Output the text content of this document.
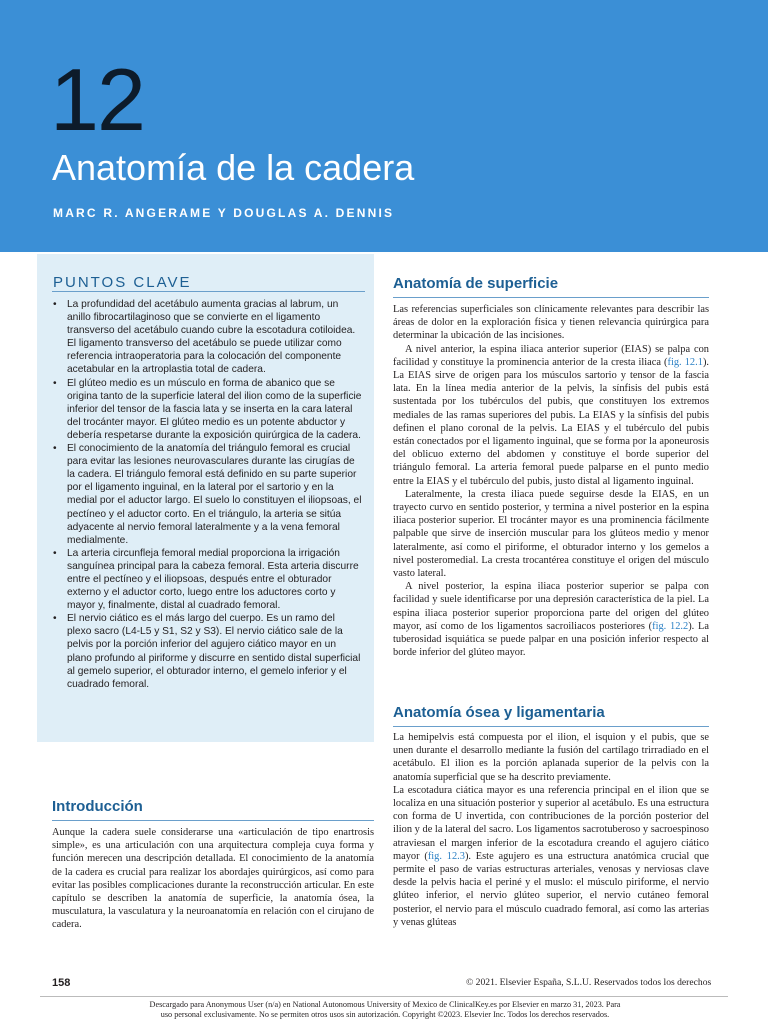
12
Anatomía de la cadera
MARC R. ANGERAME Y DOUGLAS A. DENNIS
PUNTOS CLAVE
• La profundidad del acetábulo aumenta gracias al labrum, un anillo fibrocartilaginoso que se convierte en el ligamento transverso del acetábulo cuando cubre la escotadura cotiloidea. El ligamento transverso del acetábulo se puede utilizar como referencia intraoperatoria para la colocación del componente acetabular en la artroplastia total de cadera.
• El glúteo medio es un músculo en forma de abanico que se origina tanto de la superficie lateral del ilion como de la superficie inferior del tensor de la fascia lata y se inserta en la cara lateral del trocánter mayor. El glúteo medio es un potente abductor y debería respetarse durante la exposición quirúrgica de la cadera.
• El conocimiento de la anatomía del triángulo femoral es crucial para evitar las lesiones neurovasculares durante las cirugías de la cadera. El triángulo femoral está definido en su parte superior por el ligamento inguinal, en la lateral por el sartorio y en la medial por el aductor largo. El suelo lo constituyen el iliopsoas, el pectíneo y el aductor corto. En el triángulo, la arteria se sitúa adyacente al nervio femoral lateralmente y a la vena femoral medialmente.
• La arteria circunfleja femoral medial proporciona la irrigación sanguínea principal para la cabeza femoral. Esta arteria discurre entre el pectíneo y el iliopsoas, después entre el obturador externo y el aductor corto, luego entre los aductores corto y mayor y, finalmente, distal al cuadrado femoral.
• El nervio ciático es el más largo del cuerpo. Es un ramo del plexo sacro (L4-L5 y S1, S2 y S3). El nervio ciático sale de la pelvis por la porción inferior del agujero ciático mayor en un plano profundo al piriforme y discurre en sentido distal superficial al gemelo superior, el obturador interno, el gemelo inferior y el cuadrado femoral.
Introducción

Aunque la cadera suele considerarse una «articulación de tipo enartrosis simple», es una articulación con una arquitectura compleja cuya forma y función merecen una descripción detallada. El conocimiento de la anatomía de la cadera es crucial para realizar los abordajes quirúrgicos, así como para evitar las posibles complicaciones durante la reconstrucción articular. En este capítulo se describen la anatomía de superficie, la anatomía ósea, la musculatura, la vasculatura y la neuroanatomía en relación con el cirujano de cadera.

Anatomía de superficie

Las referencias superficiales son clínicamente relevantes para describir las áreas de dolor en la exploración física y tienen relevancia quirúrgica para determinar la ubicación de las incisiones.

A nivel anterior, la espina iliaca anterior superior (EIAS) se palpa con facilidad y constituye la prominencia anterior de la cresta iliaca (fig. 12.1). La EIAS sirve de origen para los músculos sartorio y tensor de la fascia lata. En la línea media anterior de la pelvis, la sínfisis del pubis está sustentada por los tubérculos del pubis, que constituyen los extremos mediales de las ramas superiores del pubis. La EIAS y la sínfisis del pubis definen el plano coronal de la pelvis. La EIAS y el tubérculo del pubis están conectados por el ligamento inguinal, que se forma por la aponeurosis del oblicuo externo del abdomen y constituye el borde superior del triángulo femoral. La arteria femoral puede palparse en el punto medio entre la EIAS y el tubérculo del pubis, justo distal al ligamento inguinal.

Lateralmente, la cresta iliaca puede seguirse desde la EIAS, en un trayecto curvo en sentido posterior, y termina a nivel posterior en la espina iliaca posterior superior. El trocánter mayor es una prominencia fácilmente palpable que sirve de inserción muscular para los glúteos medio y menor lateralmente, así como el piriforme, el obturador interno y los gemelos a nivel posteromedial. La cresta trocantérea constituye el origen del músculo vasto lateral.

A nivel posterior, la espina iliaca posterior superior se palpa con facilidad y suele identificarse por una depresión característica de la piel. La espina iliaca posterior superior proporciona parte del origen del glúteo mayor, así como de los ligamentos sacroiliacos posteriores (fig. 12.2). La tuberosidad isquiática se puede palpar en una posición inferior respecto al borde inferior del glúteo mayor.

Anatomía ósea y ligamentaria

La hemipelvis está compuesta por el ilion, el isquion y el pubis, que se unen durante el desarrollo mediante la fusión del cartílago trirradiado en el acetábulo. El ilion es la porción aplanada superior de la pelvis con la anatomía superficial que se ha descrito previamente.

La escotadura ciática mayor es una referencia principal en el ilion que se localiza en una situación posterior y superior al acetábulo. Es una estructura con forma de U invertida, con contribuciones de la porción posterior del ilion y de la lateral del sacro. Los ligamentos sacrotuberoso y sacroespinoso atraviesan el margen inferior de la escotadura creando el agujero ciático mayor (fig. 12.3). Este agujero es una estructura anatómica crucial que permite el paso de varias estructuras arteriales, venosas y nerviosas clave desde la pelvis hacia el periné y el muslo: el músculo piriforme, el nervio glúteo inferior, el nervio glúteo superior, el nervio cutáneo femoral posterior, el nervio para el músculo cuadrado femoral, así como las arterias y venas glúteas

158	© 2021. Elsevier España, S.L.U. Reservados todos los derechos
Descargado para Anonymous User (n/a) en National Autonomous University of Mexico de ClinicalKey.es por Elsevier en marzo 31, 2023. Para
uso personal exclusivamente. No se permiten otros usos sin autorización. Copyright ©2023. Elsevier Inc. Todos los derechos reservados.
